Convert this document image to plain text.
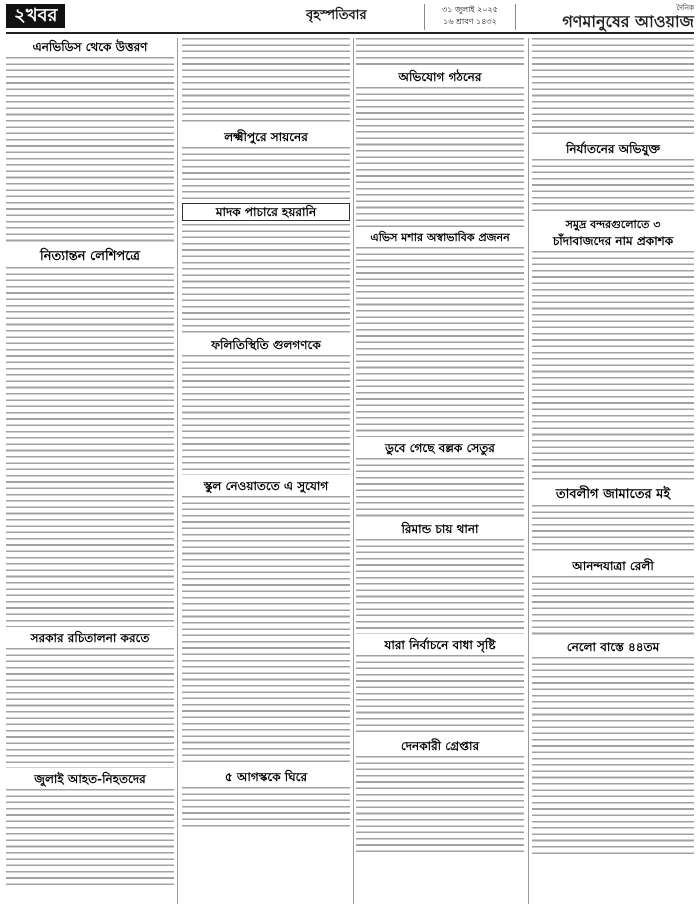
২খবর	বৃহস্পতিবার	৩১ জুলাই ২০২৫
১৬ শ্রাবণ ১৪৩২
দৈনিক
গণমানুষের আওয়াজ
এনভিডিস থেকে উত্তরণ
নিত্যান্তন লেশিপত্রে
সরকার রচিতালনা করতে
জুলাই আহত-নিহতদের
লক্ষ্মীপুরে সায়নের
মাদক পাচারে হয়রানি
ফলিতিস্থিতি গুলগণকে
স্কুল নেওয়াততে এ সুযোগ
৫ আগস্ককে ঘিরে
অভিযোগ গঠনের
এভিস মশার অস্বাভাবিক প্রজনন
ডুবে গেছে বল্লক সেতুর
রিমান্ড চায় থানা
যারা নির্বাচনে বাধা সৃষ্টি
দেনকারী গ্রেপ্তার
নির্যাতনের অভিযুক্ত
সমুদ্র বন্দরগুলোতে ৩
চাঁদাবাজদের নাম প্রকাশক
তাবলীগ জামাতের মই
আনন্দযাত্রা রেলী
নেলো বাস্তে ৪৪তম
